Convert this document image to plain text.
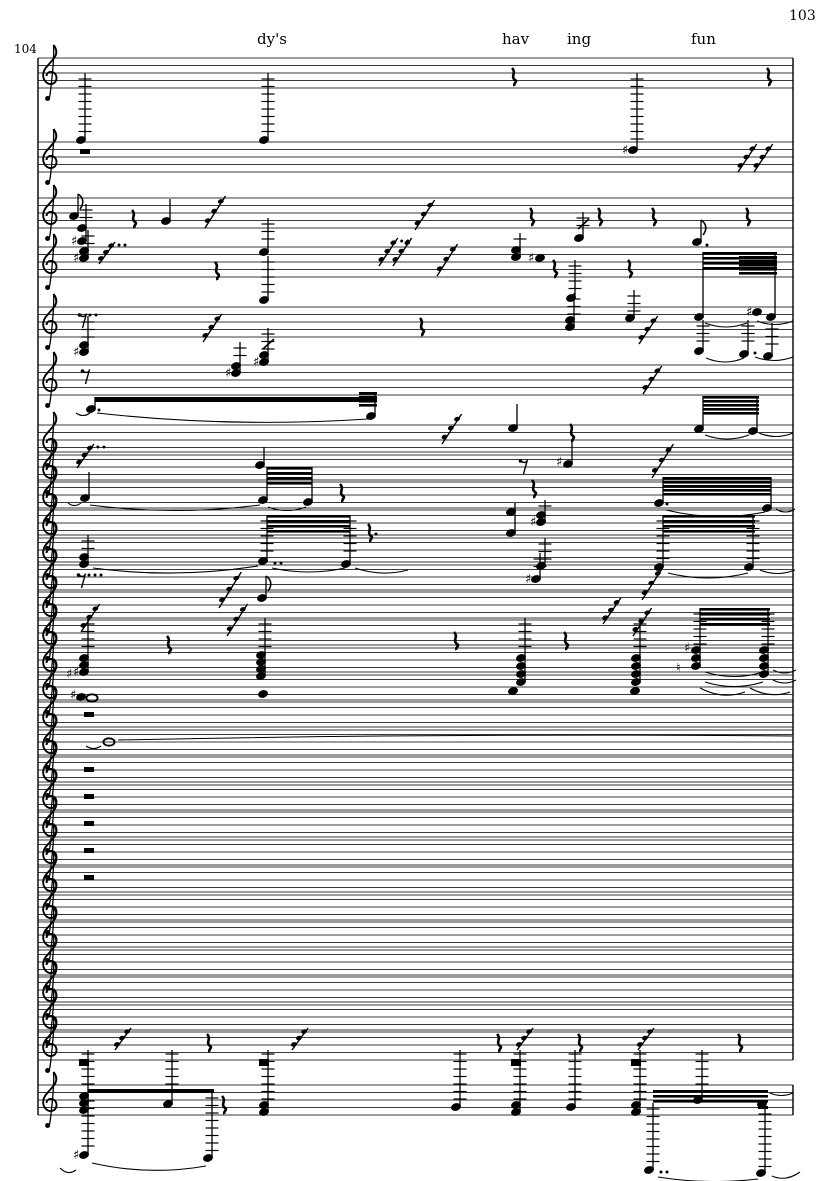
♯
♯
♯	♯
♯
♯
♯
♯
♯
♯
♯
♯
♯
♯
♮
♯
♯
103
104
dy's	hav	ing	fun
